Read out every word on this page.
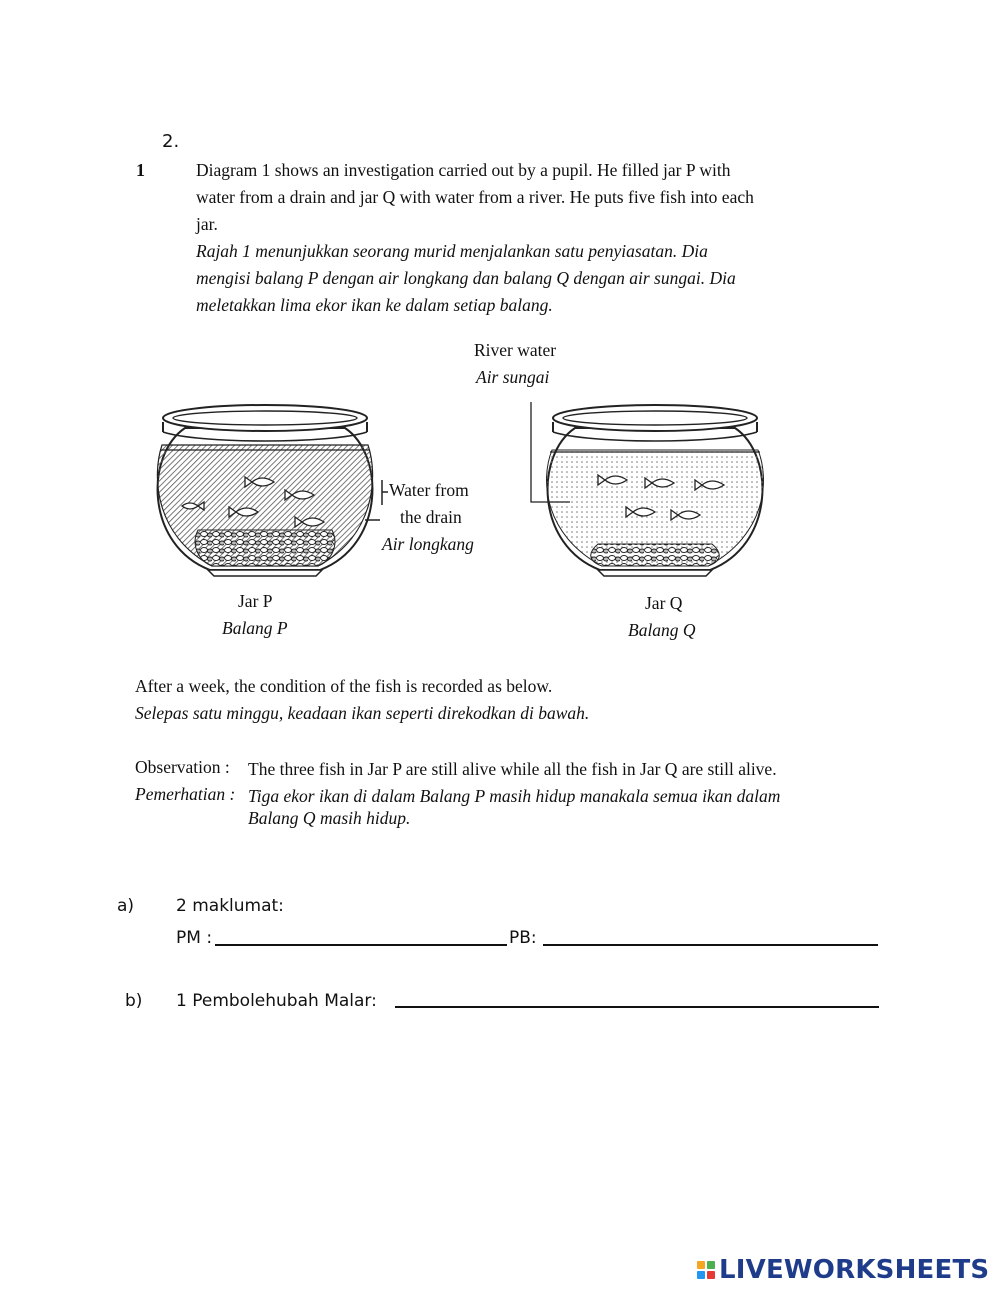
2.
1	Diagram 1 shows an investigation carried out by a pupil. He filled jar P with
water from a drain and jar Q with water from a river. He puts five fish into each
jar.
Rajah 1 menunjukkan seorang murid menjalankan satu penyiasatan. Dia
mengisi balang P dengan air longkang dan balang Q dengan air sungai. Dia
meletakkan lima ekor ikan ke dalam setiap balang.
River water
Air sungai
Water from
the drain
Air longkang
Jar P
Balang P
Jar Q
Balang Q
After a week, the condition of the fish is recorded as below.
Selepas satu minggu, keadaan ikan seperti direkodkan di bawah.
Observation : The three fish in Jar P are still alive while all the fish in Jar Q are still alive.
Pemerhatian : Tiga ekor ikan di dalam Balang P masih hidup manakala semua ikan dalam
Balang Q masih hidup.
a) 2 maklumat:
PM :	PB:
b) 1 Pembolehubah Malar:
LIVEWORKSHEETS
